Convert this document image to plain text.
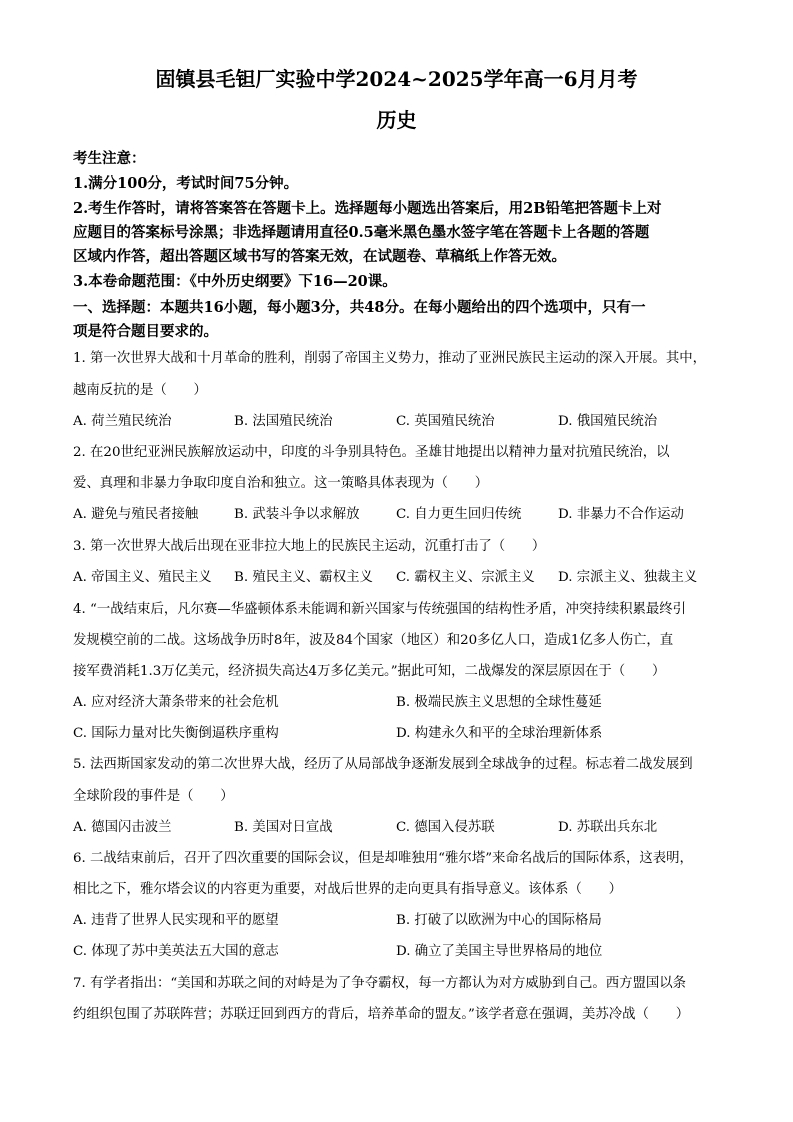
固镇县毛钽厂实验中学2024~2025学年高一6月月考
历史
考生注意：
1.满分100分，考试时间75分钟。
2.考生作答时，请将答案答在答题卡上。选择题每小题选出答案后，用2B铅笔把答题卡上对
应题目的答案标号涂黑；非选择题请用直径0.5毫米黑色墨水签字笔在答题卡上各题的答题
区域内作答，超出答题区域书写的答案无效，在试题卷、草稿纸上作答无效。
3.本卷命题范围：《中外历史纲要》下16—20课。
一、选择题：本题共16小题，每小题3分，共48分。在每小题给出的四个选项中，只有一
项是符合题目要求的。
1. 第一次世界大战和十月革命的胜利，削弱了帝国主义势力，推动了亚洲民族民主运动的深入开展。其中，
越南反抗的是（　　）
A. 荷兰殖民统治	B. 法国殖民统治	C. 英国殖民统治	D. 俄国殖民统治
2. 在20世纪亚洲民族解放运动中，印度的斗争别具特色。圣雄甘地提出以精神力量对抗殖民统治，以
爱、真理和非暴力争取印度自治和独立。这一策略具体表现为（　　）
A. 避免与殖民者接触	B. 武装斗争以求解放	C. 自力更生回归传统	D. 非暴力不合作运动
3. 第一次世界大战后出现在亚非拉大地上的民族民主运动，沉重打击了（　　）
A. 帝国主义、殖民主义 B. 殖民主义、霸权主义 C. 霸权主义、宗派主义 D. 宗派主义、独裁主义
4. “一战结束后，凡尔赛—华盛顿体系未能调和新兴国家与传统强国的结构性矛盾，冲突持续积累最终引
发规模空前的二战。这场战争历时8年，波及84个国家（地区）和20多亿人口，造成1亿多人伤亡，直
接军费消耗1.3万亿美元，经济损失高达4万多亿美元。”据此可知，二战爆发的深层原因在于（　　）
A. 应对经济大萧条带来的社会危机	B. 极端民族主义思想的全球性蔓延
C. 国际力量对比失衡倒逼秩序重构	D. 构建永久和平的全球治理新体系
5. 法西斯国家发动的第二次世界大战，经历了从局部战争逐渐发展到全球战争的过程。标志着二战发展到
全球阶段的事件是（　　）
A. 德国闪击波兰	B. 美国对日宣战	C. 德国入侵苏联	D. 苏联出兵东北
6. 二战结束前后，召开了四次重要的国际会议，但是却唯独用“雅尔塔”来命名战后的国际体系，这表明，
相比之下，雅尔塔会议的内容更为重要，对战后世界的走向更具有指导意义。该体系（　　）
A. 违背了世界人民实现和平的愿望	B. 打破了以欧洲为中心的国际格局
C. 体现了苏中美英法五大国的意志	D. 确立了美国主导世界格局的地位
7. 有学者指出：“美国和苏联之间的对峙是为了争夺霸权，每一方都认为对方威胁到自己。西方盟国以条
约组织包围了苏联阵营；苏联迂回到西方的背后，培养革命的盟友。”该学者意在强调，美苏冷战（　　）
